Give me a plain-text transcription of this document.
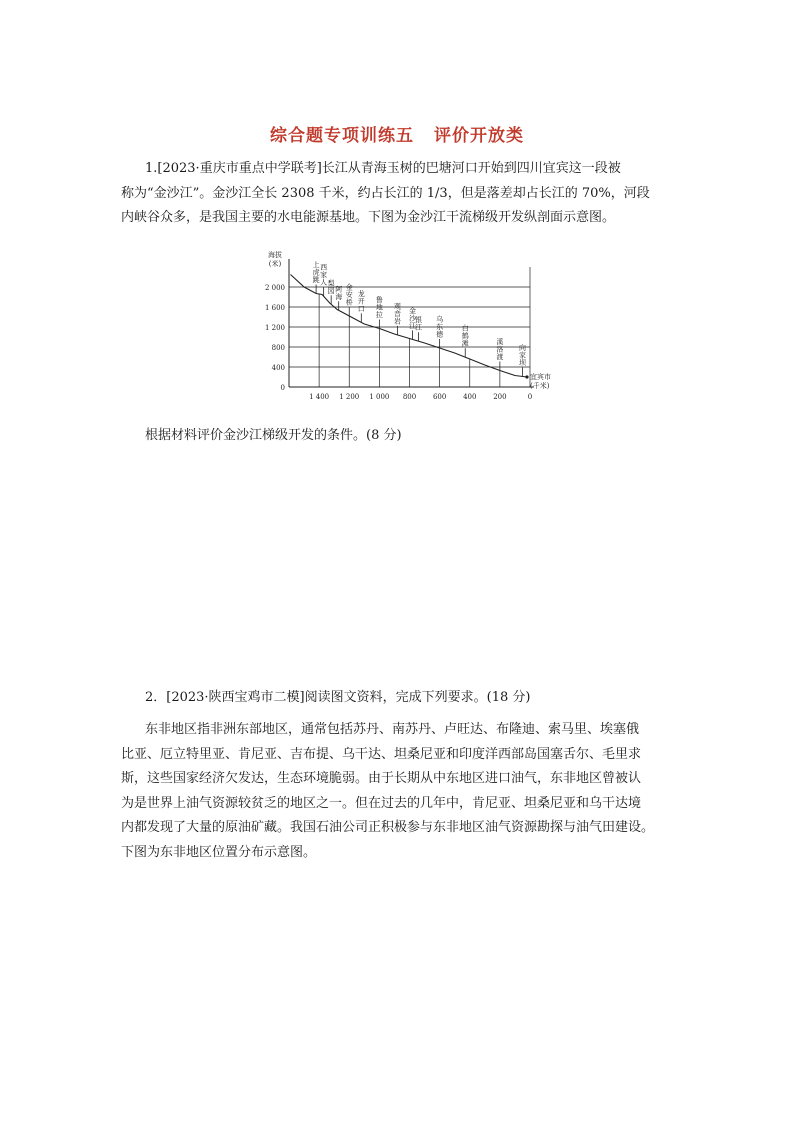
综合题专项训练五 评价开放类
1.[2023·重庆市重点中学联考]长江从青海玉树的巴塘河口开始到四川宜宾这一段被
称为“金沙江”。金沙江全长 2308 千米，约占长江的 1/3，但是落差却占长江的 70%，河段
内峡谷众多，是我国主要的水电能源基地。下图为金沙江干流梯级开发纵剖面示意图。
0
400
800
1 200
1 600
2 000
1 400 1 200 1 000 800 600 400 200	0
海拔
(米)
宜宾市
(千米)
上
虎
跳
西
家
人 梨
园 阿
海
金
安
桥
龙
开
口
鲁
地
拉
观
音
岩
金
沙
江
银
江
乌
东
德
白
鹤
滩	溪
洛
渡
向
家
坝
根据材料评价金沙江梯级开发的条件。(8 分)
2．[2023·陕西宝鸡市二模]阅读图文资料，完成下列要求。(18 分)
东非地区指非洲东部地区，通常包括苏丹、南苏丹、卢旺达、布隆迪、索马里、埃塞俄
比亚、厄立特里亚、肯尼亚、吉布提、乌干达、坦桑尼亚和印度洋西部岛国塞舌尔、毛里求
斯，这些国家经济欠发达，生态环境脆弱。由于长期从中东地区进口油气，东非地区曾被认
为是世界上油气资源较贫乏的地区之一。但在过去的几年中，肯尼亚、坦桑尼亚和乌干达境
内都发现了大量的原油矿藏。我国石油公司正积极参与东非地区油气资源勘探与油气田建设。
下图为东非地区位置分布示意图。
